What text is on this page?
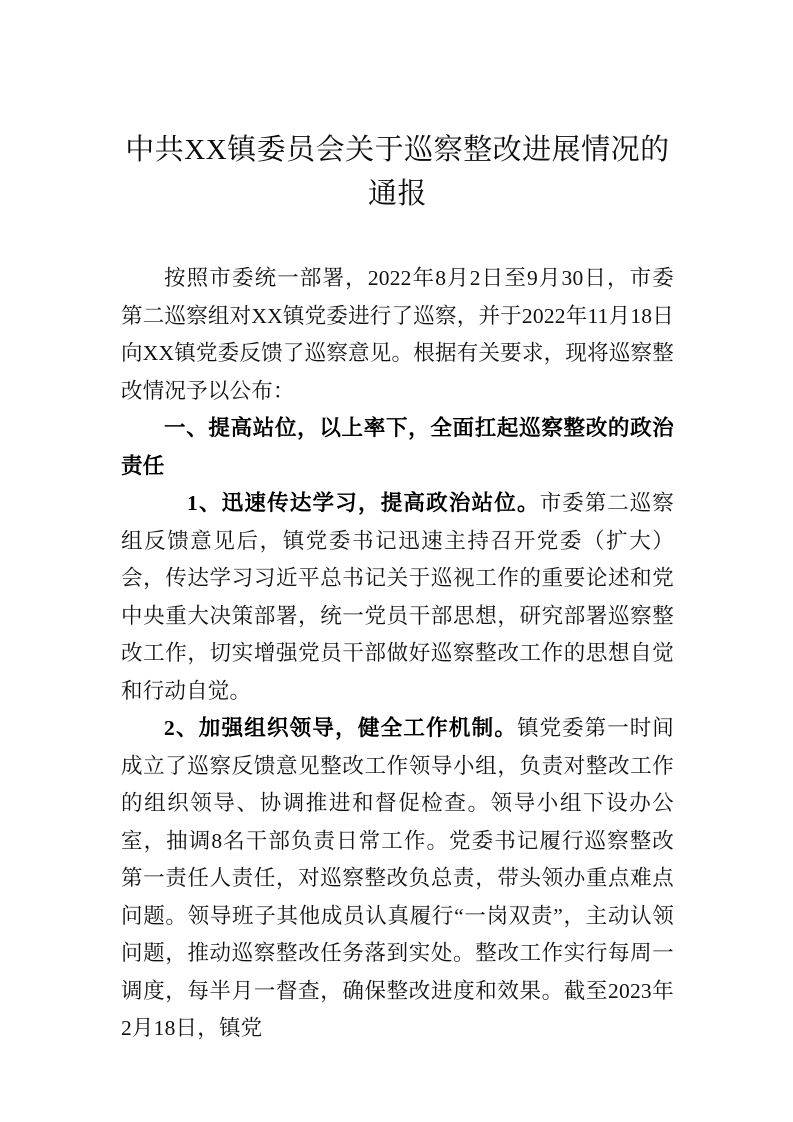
中共XX镇委员会关于巡察整改进展情况的
通报

按照市委统一部署，2022年8月2日至9月30日，市委第二巡察组对XX镇党委进行了巡察，并于2022年11月18日向XX镇党委反馈了巡察意见。根据有关要求，现将巡察整改情况予以公布：

一、提高站位，以上率下，全面扛起巡察整改的政治责任

1、迅速传达学习，提高政治站位。市委第二巡察组反馈意见后，镇党委书记迅速主持召开党委（扩大）会，传达学习习近平总书记关于巡视工作的重要论述和党中央重大决策部署，统一党员干部思想，研究部署巡察整改工作，切实增强党员干部做好巡察整改工作的思想自觉和行动自觉。

2、加强组织领导，健全工作机制。镇党委第一时间成立了巡察反馈意见整改工作领导小组，负责对整改工作的组织领导、协调推进和督促检查。领导小组下设办公室，抽调8名干部负责日常工作。党委书记履行巡察整改第一责任人责任，对巡察整改负总责，带头领办重点难点问题。领导班子其他成员认真履行“一岗双责”，主动认领问题，推动巡察整改任务落到实处。整改工作实行每周一调度，每半月一督查，确保整改进度和效果。截至2023年2月18日，镇党
